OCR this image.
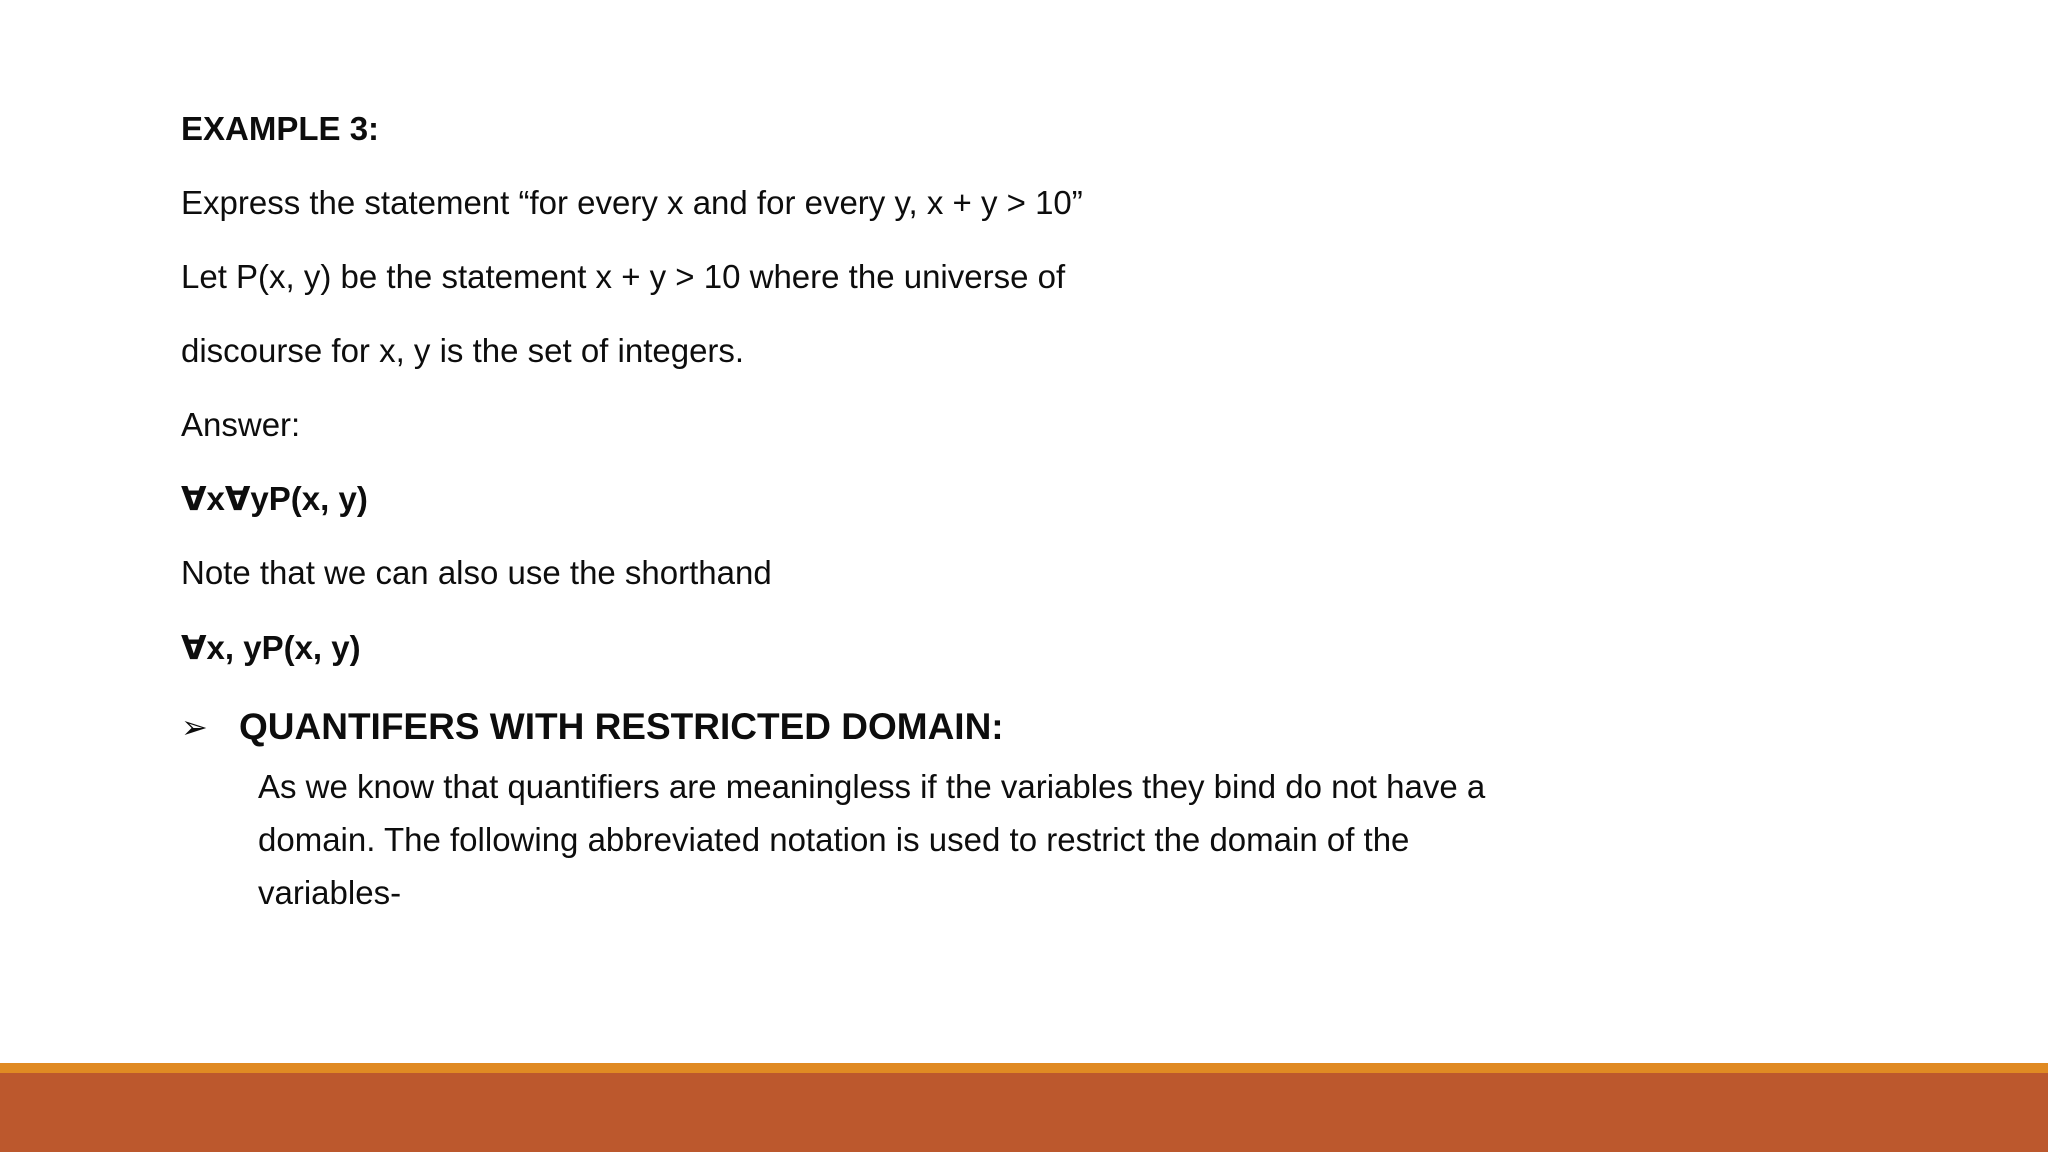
EXAMPLE 3:
Express the statement “for every x and for every y, x + y > 10”
Let P(x, y) be the statement x + y > 10 where the universe of
discourse for x, y is the set of integers.
Answer:
∀x∀yP(x, y)
Note that we can also use the shorthand
∀x, yP(x, y)
➢ QUANTIFERS WITH RESTRICTED DOMAIN:
As we know that quantifiers are meaningless if the variables they bind do not have a
domain. The following abbreviated notation is used to restrict the domain of the
variables-
